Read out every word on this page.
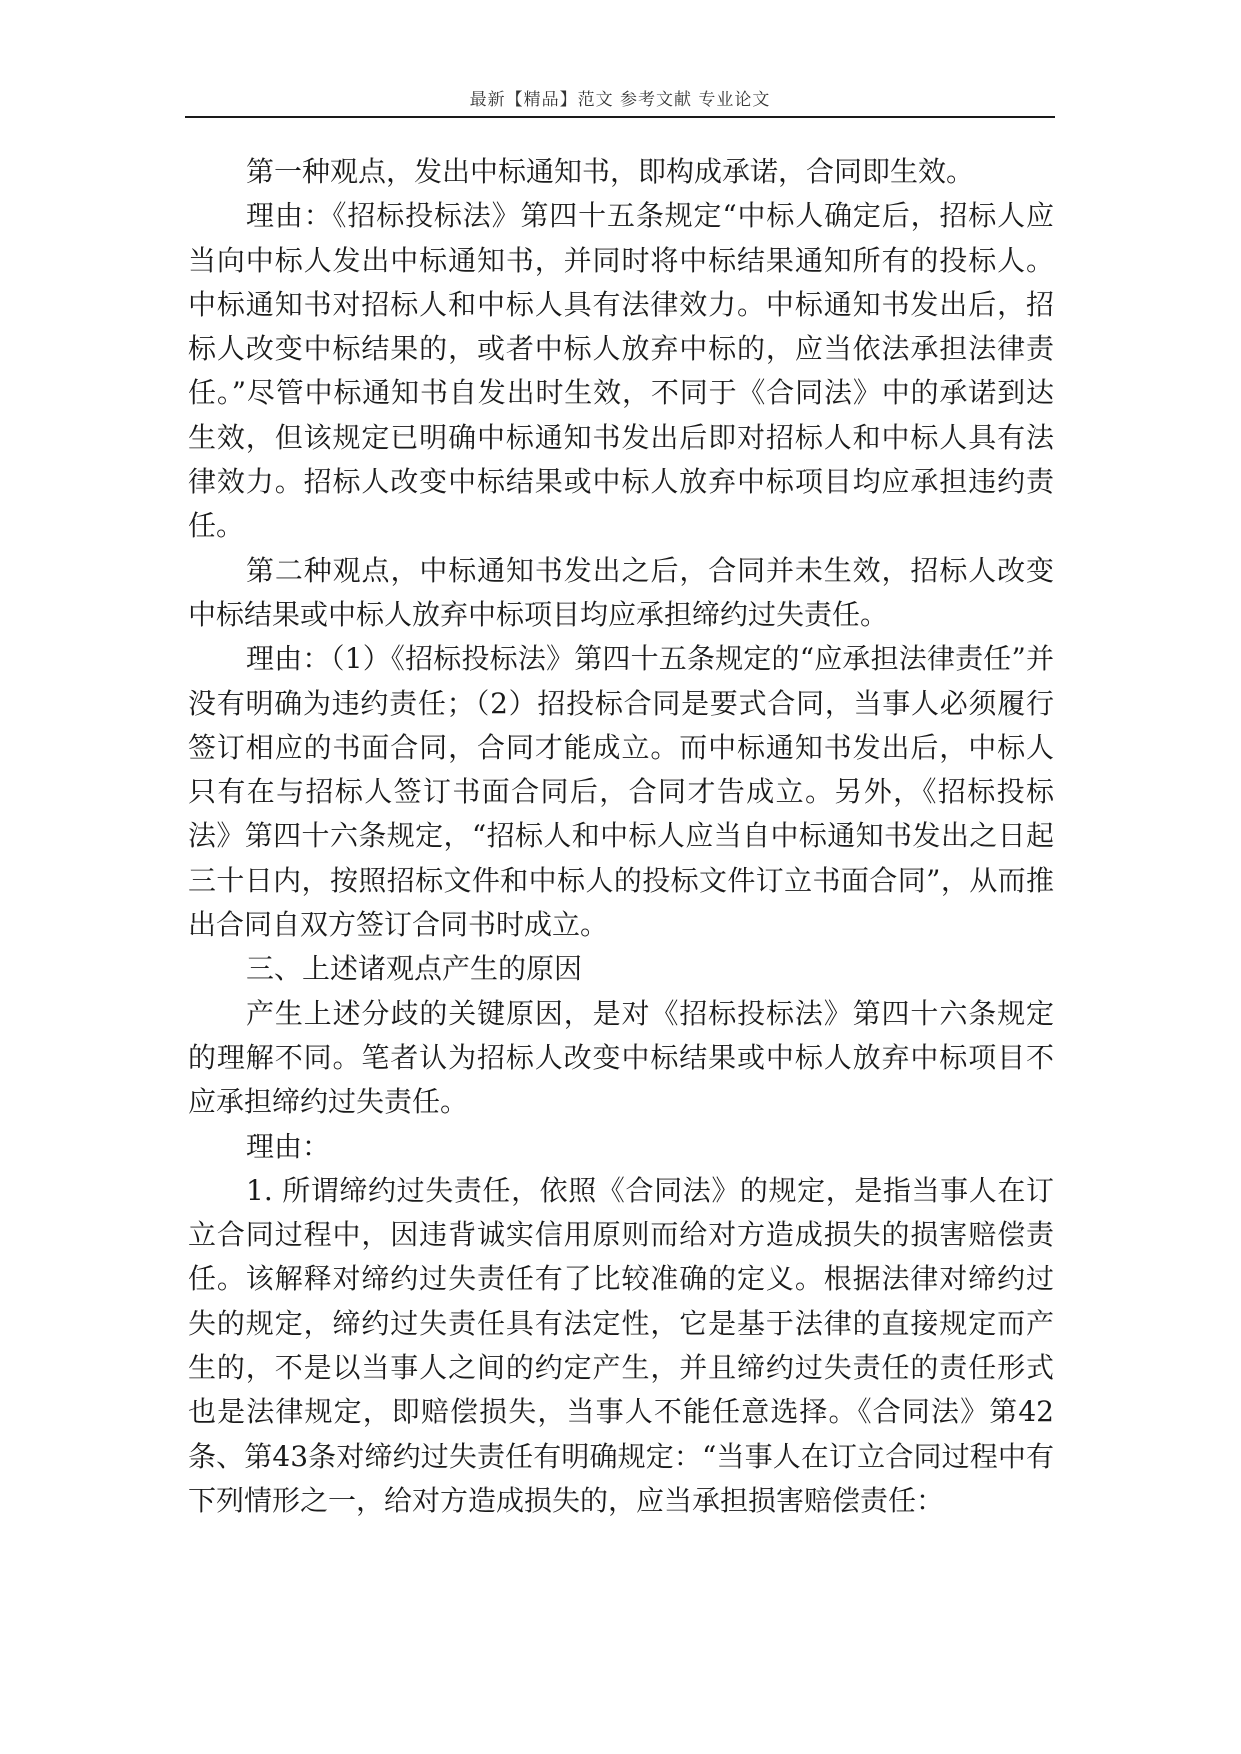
最新【精品】范文 参考文献 专业论文

第一种观点，发出中标通知书，即构成承诺，合同即生效。

理由：《招标投标法》第四十五条规定“中标人确定后，招标人应当向中标人发出中标通知书，并同时将中标结果通知所有的投标人。中标通知书对招标人和中标人具有法律效力。中标通知书发出后，招标人改变中标结果的，或者中标人放弃中标的，应当依法承担法律责任。”尽管中标通知书自发出时生效，不同于《合同法》中的承诺到达生效，但该规定已明确中标通知书发出后即对招标人和中标人具有法律效力。招标人改变中标结果或中标人放弃中标项目均应承担违约责任。

第二种观点，中标通知书发出之后，合同并未生效，招标人改变中标结果或中标人放弃中标项目均应承担缔约过失责任。

理由：（1）《招标投标法》第四十五条规定的“应承担法律责任”并没有明确为违约责任；（2）招投标合同是要式合同，当事人必须履行签订相应的书面合同，合同才能成立。而中标通知书发出后，中标人只有在与招标人签订书面合同后，合同才告成立。另外，《招标投标法》第四十六条规定，“招标人和中标人应当自中标通知书发出之日起三十日内，按照招标文件和中标人的投标文件订立书面合同”，从而推出合同自双方签订合同书时成立。

三、上述诸观点产生的原因

产生上述分歧的关键原因，是对《招标投标法》第四十六条规定的理解不同。笔者认为招标人改变中标结果或中标人放弃中标项目不应承担缔约过失责任。

理由：

1. 所谓缔约过失责任，依照《合同法》的规定，是指当事人在订立合同过程中，因违背诚实信用原则而给对方造成损失的损害赔偿责任。该解释对缔约过失责任有了比较准确的定义。根据法律对缔约过失的规定，缔约过失责任具有法定性，它是基于法律的直接规定而产生的，不是以当事人之间的约定产生，并且缔约过失责任的责任形式也是法律规定，即赔偿损失，当事人不能任意选择。《合同法》第42条、第43条对缔约过失责任有明确规定：“当事人在订立合同过程中有下列情形之一，给对方造成损失的，应当承担损害赔偿责任：
